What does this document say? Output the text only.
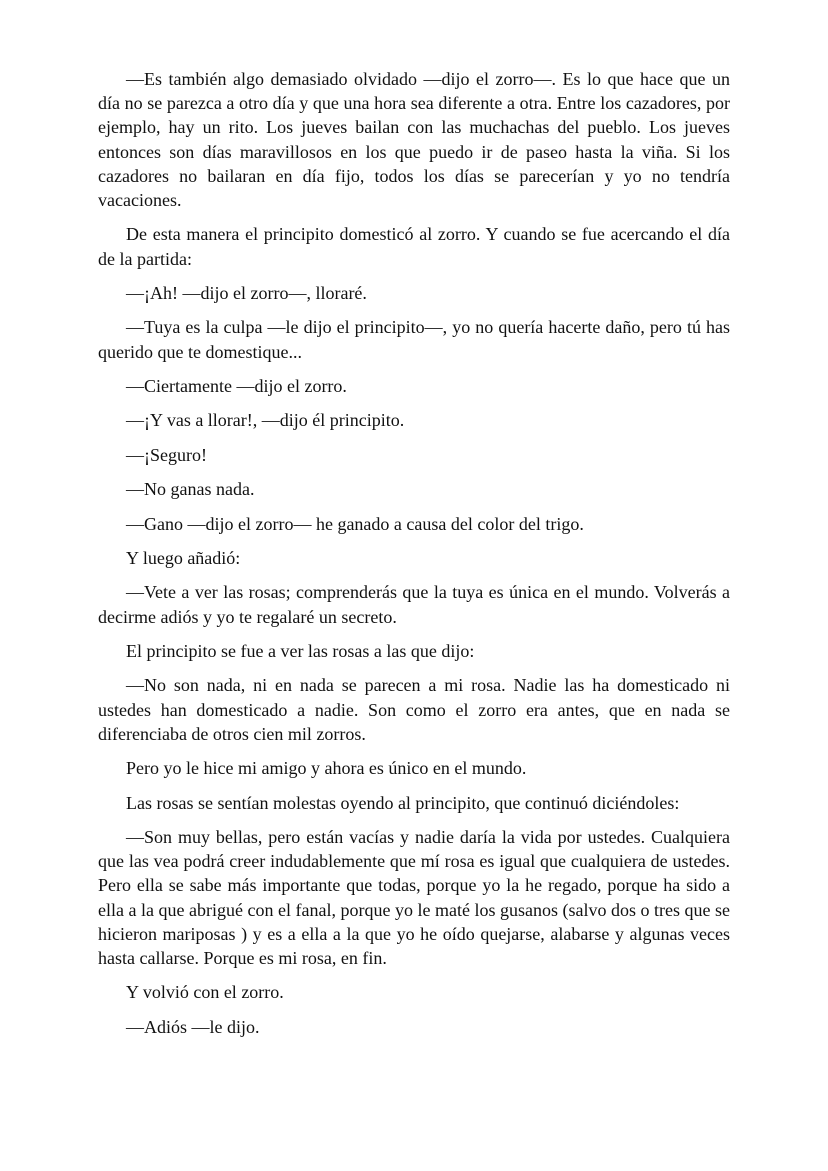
—Es también algo demasiado olvidado —dijo el zorro—. Es lo que hace que un día no se parezca a otro día y que una hora sea diferente a otra. Entre los cazadores, por ejemplo, hay un rito. Los jueves bailan con las muchachas del pueblo. Los jueves entonces son días maravillosos en los que puedo ir de paseo hasta la viña. Si los cazadores no bailaran en día fijo, todos los días se parecerían y yo no tendría vacaciones.

De esta manera el principito domesticó al zorro. Y cuando se fue acercando el día de la partida:

—¡Ah! —dijo el zorro—, lloraré.

—Tuya es la culpa —le dijo el principito—, yo no quería hacerte daño, pero tú has querido que te domestique...

—Ciertamente —dijo el zorro.

—¡Y vas a llorar!, —dijo él principito.

—¡Seguro!

—No ganas nada.

—Gano —dijo el zorro— he ganado a causa del color del trigo.

Y luego añadió:

—Vete a ver las rosas; comprenderás que la tuya es única en el mundo. Volverás a decirme adiós y yo te regalaré un secreto.

El principito se fue a ver las rosas a las que dijo:

—No son nada, ni en nada se parecen a mi rosa. Nadie las ha domesticado ni ustedes han domesticado a nadie. Son como el zorro era antes, que en nada se diferenciaba de otros cien mil zorros.

Pero yo le hice mi amigo y ahora es único en el mundo.

Las rosas se sentían molestas oyendo al principito, que continuó diciéndoles:

—Son muy bellas, pero están vacías y nadie daría la vida por ustedes. Cualquiera que las vea podrá creer indudablemente que mí rosa es igual que cualquiera de ustedes. Pero ella se sabe más importante que todas, porque yo la he regado, porque ha sido a ella a la que abrigué con el fanal, porque yo le maté los gusanos (salvo dos o tres que se hicieron mariposas ) y es a ella a la que yo he oído quejarse, alabarse y algunas veces hasta callarse. Porque es mi rosa, en fin.

Y volvió con el zorro.

—Adiós —le dijo.
